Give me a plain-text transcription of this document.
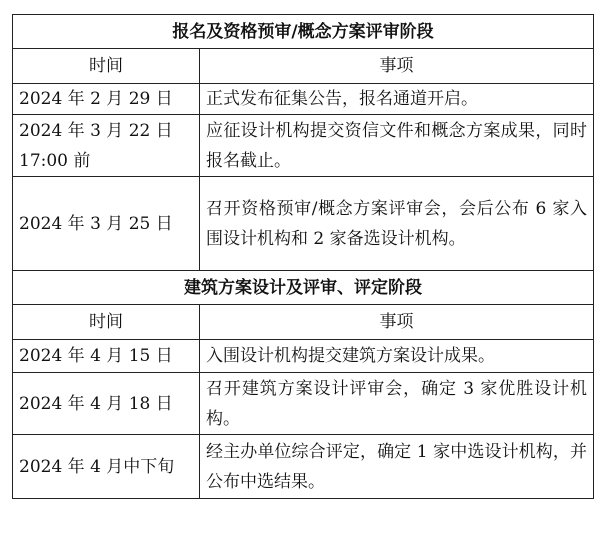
报名及资格预审/概念方案评审阶段	
时间	事项
2024 年 2 月 29 日	正式发布征集公告，报名通道开启。
2024 年 3 月 22 日 17:00 前	应征设计机构提交资信文件和概念方案成果，同时报名截止。
2024 年 3 月 25 日	召开资格预审/概念方案评审会，会后公布 6 家入围设计机构和 2 家备选设计机构。
建筑方案设计及评审、评定阶段	
时间	事项
2024 年 4 月 15 日	入围设计机构提交建筑方案设计成果。
2024 年 4 月 18 日	召开建筑方案设计评审会，确定 3 家优胜设计机构。
2024 年 4 月中下旬	经主办单位综合评定，确定 1 家中选设计机构，并公布中选结果。
